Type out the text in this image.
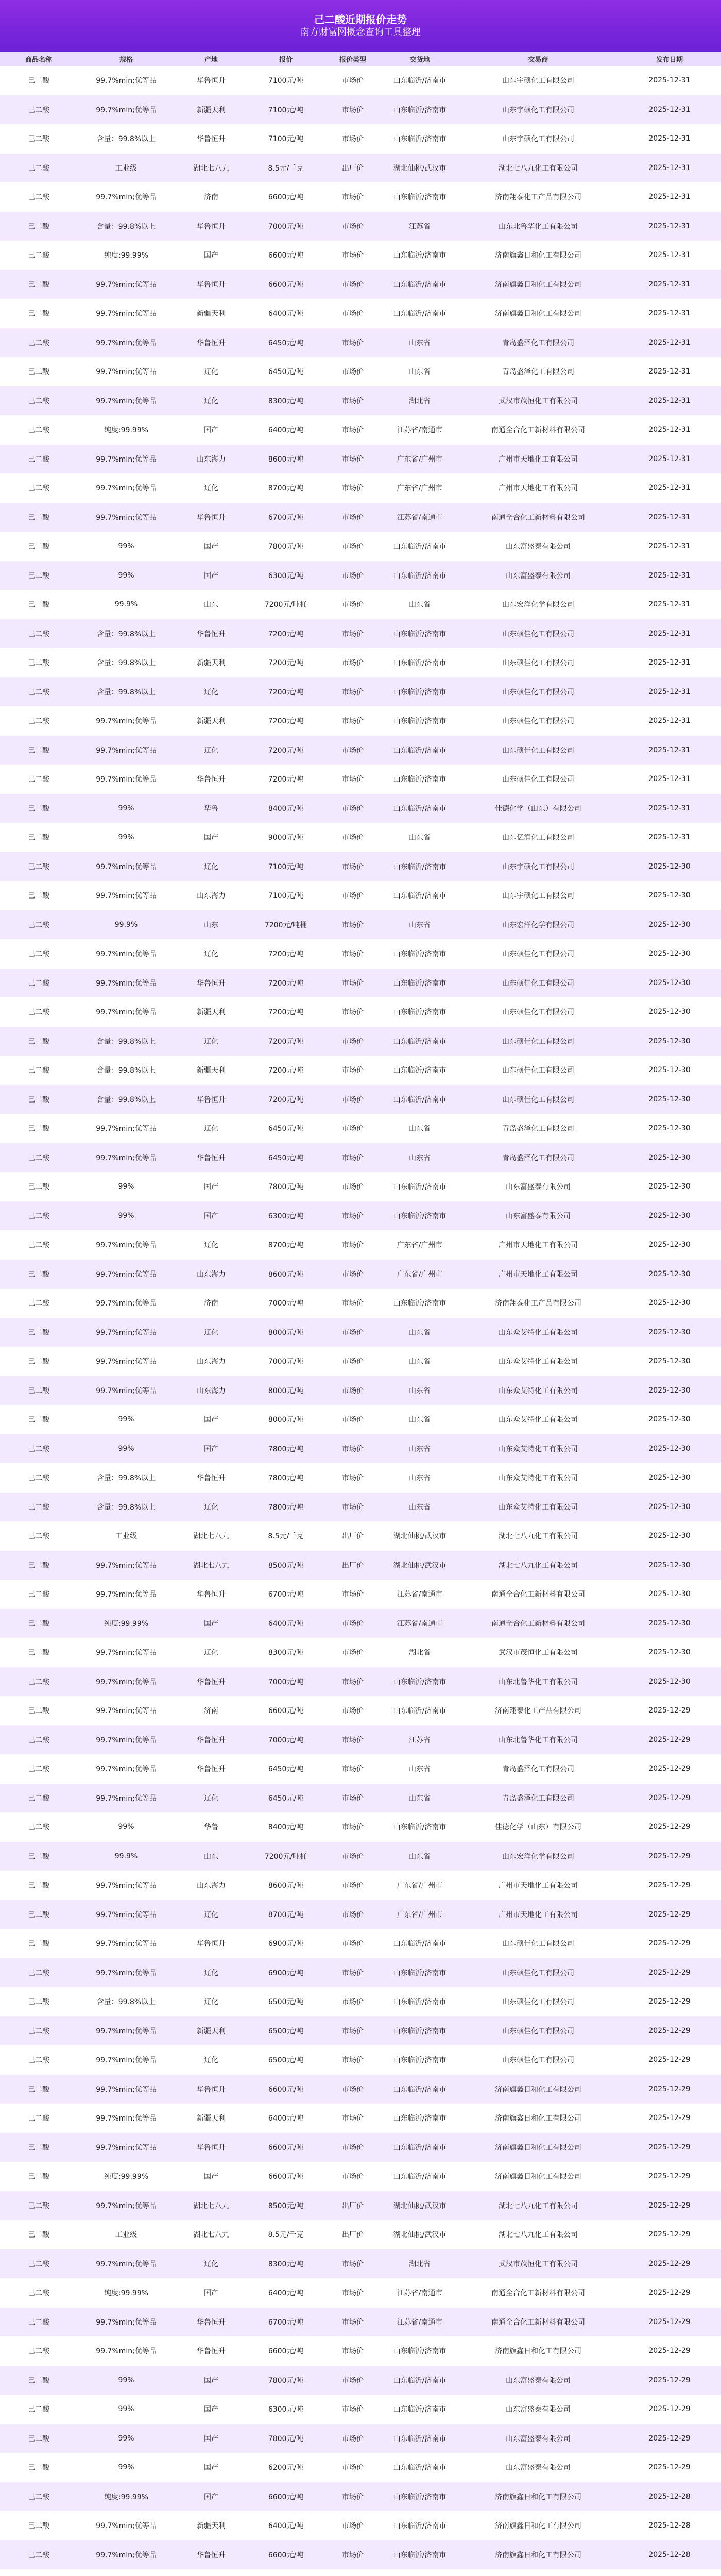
己二酸近期报价走势
南方财富网概念查询工具整理
商品名称	规格	产地	报价	报价类型	交货地	交易商	发布日期
己二酸	99.7%min;优等品	华鲁恒升	7100元/吨	市场价	山东临沂/济南市	山东宇硕化工有限公司	2025-12-31
己二酸	99.7%min;优等品	新疆天利	7100元/吨	市场价	山东临沂/济南市	山东宇硕化工有限公司	2025-12-31
己二酸	含量：99.8%以上	华鲁恒升	7100元/吨	市场价	山东临沂/济南市	山东宇硕化工有限公司	2025-12-31
己二酸	工业级	湖北七八九	8.5元/千克	出厂价	湖北仙桃/武汉市	湖北七八九化工有限公司	2025-12-31
己二酸	99.7%min;优等品	济南	6600元/吨	市场价	山东临沂/济南市	济南翔泰化工产品有限公司	2025-12-31
己二酸	含量：99.8%以上	华鲁恒升	7000元/吨	市场价	江苏省	山东北鲁华化工有限公司	2025-12-31
己二酸	纯度:99.99%	国产	6600元/吨	市场价	山东临沂/济南市	济南旗鑫日和化工有限公司	2025-12-31
己二酸	99.7%min;优等品	华鲁恒升	6600元/吨	市场价	山东临沂/济南市	济南旗鑫日和化工有限公司	2025-12-31
己二酸	99.7%min;优等品	新疆天利	6400元/吨	市场价	山东临沂/济南市	济南旗鑫日和化工有限公司	2025-12-31
己二酸	99.7%min;优等品	华鲁恒升	6450元/吨	市场价	山东省	青岛盛泽化工有限公司	2025-12-31
己二酸	99.7%min;优等品	辽化	6450元/吨	市场价	山东省	青岛盛泽化工有限公司	2025-12-31
己二酸	99.7%min;优等品	辽化	8300元/吨	市场价	湖北省	武汉市茂恒化工有限公司	2025-12-31
己二酸	纯度:99.99%	国产	6400元/吨	市场价	江苏省/南通市	南通全合化工新材料有限公司	2025-12-31
己二酸	99.7%min;优等品	山东海力	8600元/吨	市场价	广东省/广州市	广州市天地化工有限公司	2025-12-31
己二酸	99.7%min;优等品	辽化	8700元/吨	市场价	广东省/广州市	广州市天地化工有限公司	2025-12-31
己二酸	99.7%min;优等品	华鲁恒升	6700元/吨	市场价	江苏省/南通市	南通全合化工新材料有限公司	2025-12-31
己二酸	99%	国产	7800元/吨	市场价	山东临沂/济南市	山东富盛泰有限公司	2025-12-31
己二酸	99%	国产	6300元/吨	市场价	山东临沂/济南市	山东富盛泰有限公司	2025-12-31
己二酸	99.9%	山东	7200元/吨桶	市场价	山东省	山东宏洋化学有限公司	2025-12-31
己二酸	含量：99.8%以上	华鲁恒升	7200元/吨	市场价	山东临沂/济南市	山东硕佳化工有限公司	2025-12-31
己二酸	含量：99.8%以上	新疆天利	7200元/吨	市场价	山东临沂/济南市	山东硕佳化工有限公司	2025-12-31
己二酸	含量：99.8%以上	辽化	7200元/吨	市场价	山东临沂/济南市	山东硕佳化工有限公司	2025-12-31
己二酸	99.7%min;优等品	新疆天利	7200元/吨	市场价	山东临沂/济南市	山东硕佳化工有限公司	2025-12-31
己二酸	99.7%min;优等品	辽化	7200元/吨	市场价	山东临沂/济南市	山东硕佳化工有限公司	2025-12-31
己二酸	99.7%min;优等品	华鲁恒升	7200元/吨	市场价	山东临沂/济南市	山东硕佳化工有限公司	2025-12-31
己二酸	99%	华鲁	8400元/吨	市场价	山东临沂/济南市	佳德化学（山东）有限公司	2025-12-31
己二酸	99%	国产	9000元/吨	市场价	山东省	山东亿润化工有限公司	2025-12-31
己二酸	99.7%min;优等品	辽化	7100元/吨	市场价	山东临沂/济南市	山东宇硕化工有限公司	2025-12-30
己二酸	99.7%min;优等品	山东海力	7100元/吨	市场价	山东临沂/济南市	山东宇硕化工有限公司	2025-12-30
己二酸	99.9%	山东	7200元/吨桶	市场价	山东省	山东宏洋化学有限公司	2025-12-30
己二酸	99.7%min;优等品	辽化	7200元/吨	市场价	山东临沂/济南市	山东硕佳化工有限公司	2025-12-30
己二酸	99.7%min;优等品	华鲁恒升	7200元/吨	市场价	山东临沂/济南市	山东硕佳化工有限公司	2025-12-30
己二酸	99.7%min;优等品	新疆天利	7200元/吨	市场价	山东临沂/济南市	山东硕佳化工有限公司	2025-12-30
己二酸	含量：99.8%以上	辽化	7200元/吨	市场价	山东临沂/济南市	山东硕佳化工有限公司	2025-12-30
己二酸	含量：99.8%以上	新疆天利	7200元/吨	市场价	山东临沂/济南市	山东硕佳化工有限公司	2025-12-30
己二酸	含量：99.8%以上	华鲁恒升	7200元/吨	市场价	山东临沂/济南市	山东硕佳化工有限公司	2025-12-30
己二酸	99.7%min;优等品	辽化	6450元/吨	市场价	山东省	青岛盛泽化工有限公司	2025-12-30
己二酸	99.7%min;优等品	华鲁恒升	6450元/吨	市场价	山东省	青岛盛泽化工有限公司	2025-12-30
己二酸	99%	国产	7800元/吨	市场价	山东临沂/济南市	山东富盛泰有限公司	2025-12-30
己二酸	99%	国产	6300元/吨	市场价	山东临沂/济南市	山东富盛泰有限公司	2025-12-30
己二酸	99.7%min;优等品	辽化	8700元/吨	市场价	广东省/广州市	广州市天地化工有限公司	2025-12-30
己二酸	99.7%min;优等品	山东海力	8600元/吨	市场价	广东省/广州市	广州市天地化工有限公司	2025-12-30
己二酸	99.7%min;优等品	济南	7000元/吨	市场价	山东临沂/济南市	济南翔泰化工产品有限公司	2025-12-30
己二酸	99.7%min;优等品	辽化	8000元/吨	市场价	山东省	山东众艾特化工有限公司	2025-12-30
己二酸	99.7%min;优等品	山东海力	7000元/吨	市场价	山东省	山东众艾特化工有限公司	2025-12-30
己二酸	99.7%min;优等品	山东海力	8000元/吨	市场价	山东省	山东众艾特化工有限公司	2025-12-30
己二酸	99%	国产	8000元/吨	市场价	山东省	山东众艾特化工有限公司	2025-12-30
己二酸	99%	国产	7800元/吨	市场价	山东省	山东众艾特化工有限公司	2025-12-30
己二酸	含量：99.8%以上	华鲁恒升	7800元/吨	市场价	山东省	山东众艾特化工有限公司	2025-12-30
己二酸	含量：99.8%以上	辽化	7800元/吨	市场价	山东省	山东众艾特化工有限公司	2025-12-30
己二酸	工业级	湖北七八九	8.5元/千克	出厂价	湖北仙桃/武汉市	湖北七八九化工有限公司	2025-12-30
己二酸	99.7%min;优等品	湖北七八九	8500元/吨	出厂价	湖北仙桃/武汉市	湖北七八九化工有限公司	2025-12-30
己二酸	99.7%min;优等品	华鲁恒升	6700元/吨	市场价	江苏省/南通市	南通全合化工新材料有限公司	2025-12-30
己二酸	纯度:99.99%	国产	6400元/吨	市场价	江苏省/南通市	南通全合化工新材料有限公司	2025-12-30
己二酸	99.7%min;优等品	辽化	8300元/吨	市场价	湖北省	武汉市茂恒化工有限公司	2025-12-30
己二酸	99.7%min;优等品	华鲁恒升	7000元/吨	市场价	山东临沂/济南市	山东北鲁华化工有限公司	2025-12-30
己二酸	99.7%min;优等品	济南	6600元/吨	市场价	山东临沂/济南市	济南翔泰化工产品有限公司	2025-12-29
己二酸	99.7%min;优等品	华鲁恒升	7000元/吨	市场价	江苏省	山东北鲁华化工有限公司	2025-12-29
己二酸	99.7%min;优等品	华鲁恒升	6450元/吨	市场价	山东省	青岛盛泽化工有限公司	2025-12-29
己二酸	99.7%min;优等品	辽化	6450元/吨	市场价	山东省	青岛盛泽化工有限公司	2025-12-29
己二酸	99%	华鲁	8400元/吨	市场价	山东临沂/济南市	佳德化学（山东）有限公司	2025-12-29
己二酸	99.9%	山东	7200元/吨桶	市场价	山东省	山东宏洋化学有限公司	2025-12-29
己二酸	99.7%min;优等品	山东海力	8600元/吨	市场价	广东省/广州市	广州市天地化工有限公司	2025-12-29
己二酸	99.7%min;优等品	辽化	8700元/吨	市场价	广东省/广州市	广州市天地化工有限公司	2025-12-29
己二酸	99.7%min;优等品	华鲁恒升	6900元/吨	市场价	山东临沂/济南市	山东硕佳化工有限公司	2025-12-29
己二酸	99.7%min;优等品	辽化	6900元/吨	市场价	山东临沂/济南市	山东硕佳化工有限公司	2025-12-29
己二酸	含量：99.8%以上	辽化	6500元/吨	市场价	山东临沂/济南市	山东硕佳化工有限公司	2025-12-29
己二酸	99.7%min;优等品	新疆天利	6500元/吨	市场价	山东临沂/济南市	山东硕佳化工有限公司	2025-12-29
己二酸	99.7%min;优等品	辽化	6500元/吨	市场价	山东临沂/济南市	山东硕佳化工有限公司	2025-12-29
己二酸	99.7%min;优等品	华鲁恒升	6600元/吨	市场价	山东临沂/济南市	济南旗鑫日和化工有限公司	2025-12-29
己二酸	99.7%min;优等品	新疆天利	6400元/吨	市场价	山东临沂/济南市	济南旗鑫日和化工有限公司	2025-12-29
己二酸	99.7%min;优等品	华鲁恒升	6600元/吨	市场价	山东临沂/济南市	济南旗鑫日和化工有限公司	2025-12-29
己二酸	纯度:99.99%	国产	6600元/吨	市场价	山东临沂/济南市	济南旗鑫日和化工有限公司	2025-12-29
己二酸	99.7%min;优等品	湖北七八九	8500元/吨	出厂价	湖北仙桃/武汉市	湖北七八九化工有限公司	2025-12-29
己二酸	工业级	湖北七八九	8.5元/千克	出厂价	湖北仙桃/武汉市	湖北七八九化工有限公司	2025-12-29
己二酸	99.7%min;优等品	辽化	8300元/吨	市场价	湖北省	武汉市茂恒化工有限公司	2025-12-29
己二酸	纯度:99.99%	国产	6400元/吨	市场价	江苏省/南通市	南通全合化工新材料有限公司	2025-12-29
己二酸	99.7%min;优等品	华鲁恒升	6700元/吨	市场价	江苏省/南通市	南通全合化工新材料有限公司	2025-12-29
己二酸	99.7%min;优等品	华鲁恒升	6600元/吨	市场价	山东临沂/济南市	济南旗鑫日和化工有限公司	2025-12-29
己二酸	99%	国产	7800元/吨	市场价	山东临沂/济南市	山东富盛泰有限公司	2025-12-29
己二酸	99%	国产	6300元/吨	市场价	山东临沂/济南市	山东富盛泰有限公司	2025-12-29
己二酸	99%	国产	7800元/吨	市场价	山东临沂/济南市	山东富盛泰有限公司	2025-12-29
己二酸	99%	国产	6200元/吨	市场价	山东临沂/济南市	山东富盛泰有限公司	2025-12-29
己二酸	纯度:99.99%	国产	6600元/吨	市场价	山东临沂/济南市	济南旗鑫日和化工有限公司	2025-12-28
己二酸	99.7%min;优等品	新疆天利	6400元/吨	市场价	山东临沂/济南市	济南旗鑫日和化工有限公司	2025-12-28
己二酸	99.7%min;优等品	华鲁恒升	6600元/吨	市场价	山东临沂/济南市	济南旗鑫日和化工有限公司	2025-12-28
